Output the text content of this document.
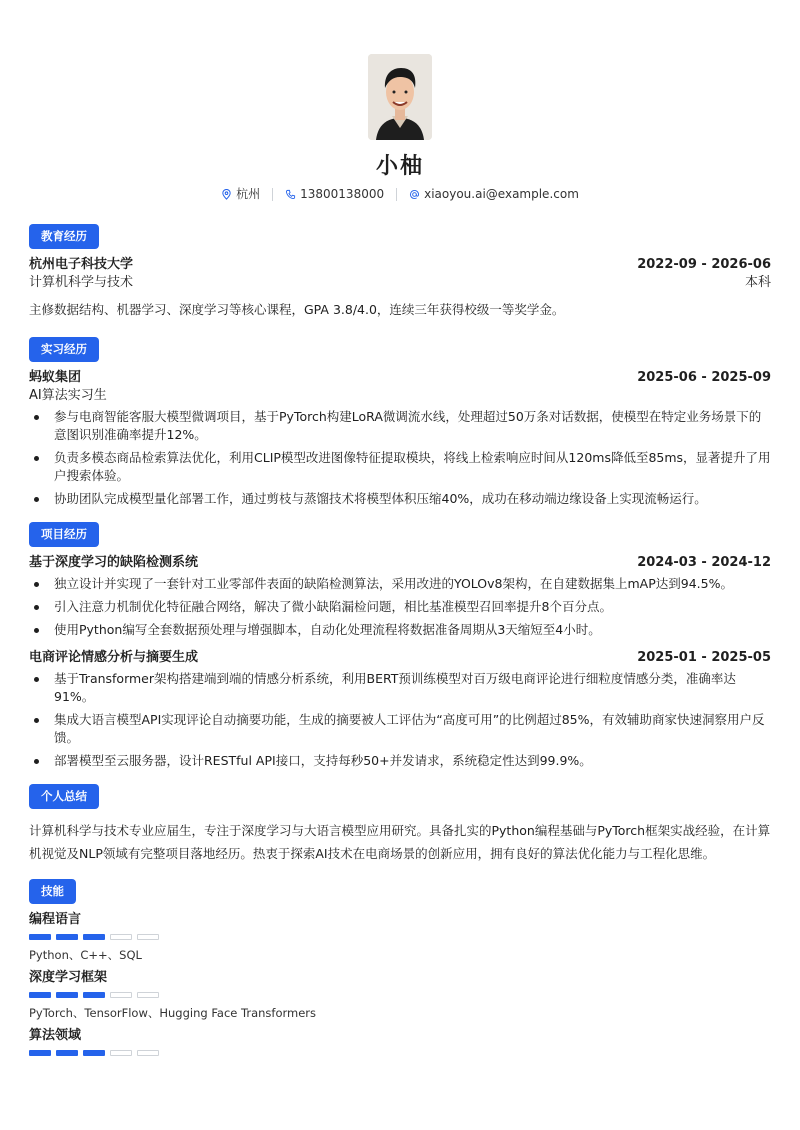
小柚
杭州	13800138000	xiaoyou.ai@example.com
教育经历
杭州电子科技大学	2022-09 - 2026-06
计算机科学与技术	本科
主修数据结构、机器学习、深度学习等核心课程，GPA 3.8/4.0，连续三年获得校级一等奖学金。
实习经历
蚂蚁集团	2025-06 - 2025-09
AI算法实习生
参与电商智能客服大模型微调项目，基于PyTorch构建LoRA微调流水线，处理超过50万条对话数据，使模型在特定业务场景下的意图识别准确率提升12%。
负责多模态商品检索算法优化，利用CLIP模型改进图像特征提取模块，将线上检索响应时间从120ms降低至85ms，显著提升了用户搜索体验。
协助团队完成模型量化部署工作，通过剪枝与蒸馏技术将模型体积压缩40%，成功在移动端边缘设备上实现流畅运行。
项目经历
基于深度学习的缺陷检测系统	2024-03 - 2024-12
独立设计并实现了一套针对工业零部件表面的缺陷检测算法，采用改进的YOLOv8架构，在自建数据集上mAP达到94.5%。
引入注意力机制优化特征融合网络，解决了微小缺陷漏检问题，相比基准模型召回率提升8个百分点。
使用Python编写全套数据预处理与增强脚本，自动化处理流程将数据准备周期从3天缩短至4小时。
电商评论情感分析与摘要生成	2025-01 - 2025-05
基于Transformer架构搭建端到端的情感分析系统，利用BERT预训练模型对百万级电商评论进行细粒度情感分类，准确率达91%。
集成大语言模型API实现评论自动摘要功能，生成的摘要被人工评估为“高度可用”的比例超过85%，有效辅助商家快速洞察用户反馈。
部署模型至云服务器，设计RESTful API接口，支持每秒50+并发请求，系统稳定性达到99.9%。
个人总结
计算机科学与技术专业应届生，专注于深度学习与大语言模型应用研究。具备扎实的Python编程基础与PyTorch框架实战经验，在计算机视觉及NLP领域有完整项目落地经历。热衷于探索AI技术在电商场景的创新应用，拥有良好的算法优化能力与工程化思维。
技能
编程语言
Python、C++、SQL
深度学习框架
PyTorch、TensorFlow、Hugging Face Transformers
算法领域
